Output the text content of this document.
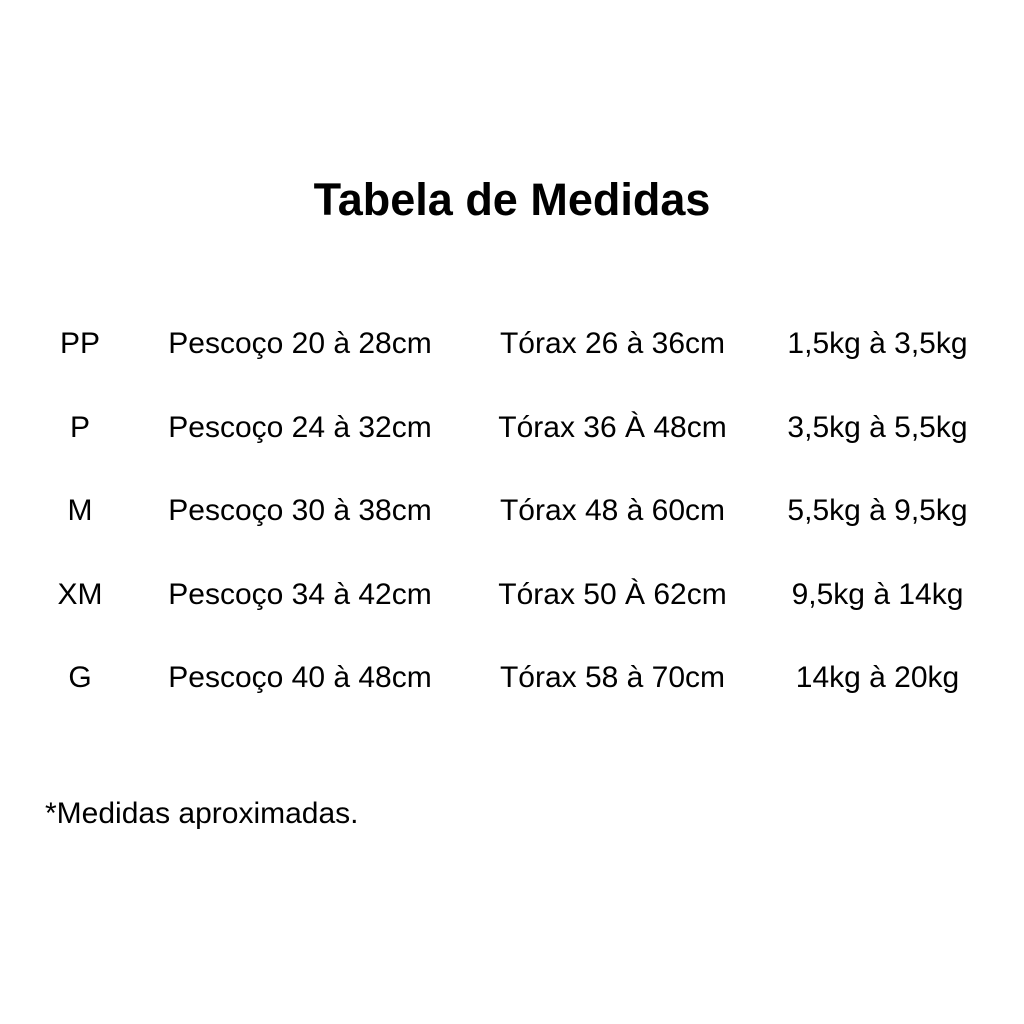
Tabela de Medidas
PP	Pescoço 20 à 28cm	Tórax 26 à 36cm	1,5kg à 3,5kg
P	Pescoço 24 à 32cm	Tórax 36 À 48cm	3,5kg à 5,5kg
M	Pescoço 30 à 38cm	Tórax 48 à 60cm	5,5kg à 9,5kg
XM	Pescoço 34 à 42cm	Tórax 50 À 62cm	9,5kg à 14kg
G	Pescoço 40 à 48cm	Tórax 58 à 70cm	14kg à 20kg

*Medidas aproximadas.
